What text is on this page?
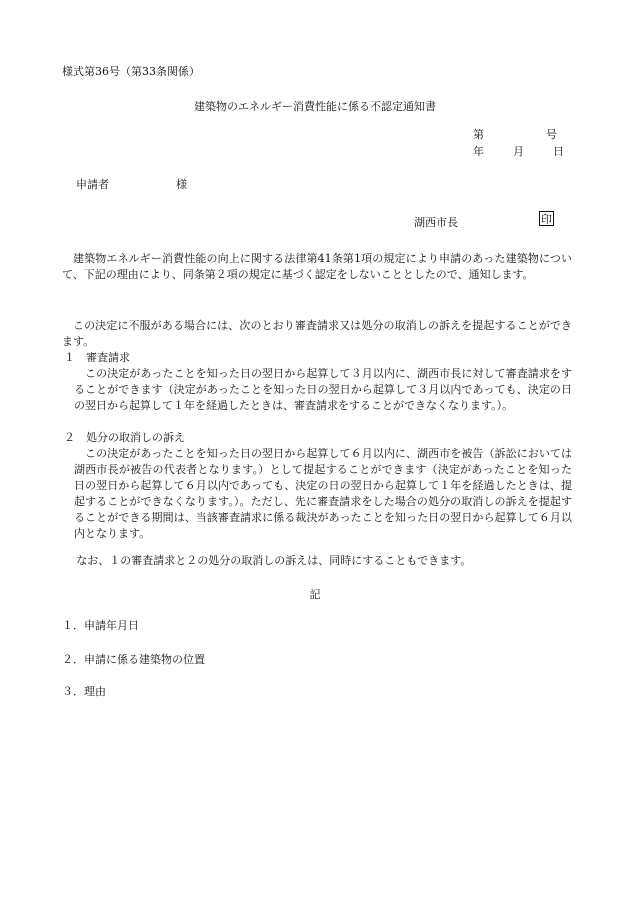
様式第36号（第33条関係）
建築物のエネルギー消費性能に係る不認定通知書
第	号
年	月	日
申請者	様
湖西市長	印
建築物エネルギー消費性能の向上に関する法律第41条第1項の規定により申請のあった建築物について、下記の理由により、同条第２項の規定に基づく認定をしないこととしたので、通知します。
この決定に不服がある場合には、次のとおり審査請求又は処分の取消しの訴えを提起することができます。
１ 審査請求
この決定があったことを知った日の翌日から起算して３月以内に、湖西市長に対して審査請求をすることができます（決定があったことを知った日の翌日から起算して３月以内であっても、決定の日の翌日から起算して１年を経過したときは、審査請求をすることができなくなります。）。
２ 処分の取消しの訴え
この決定があったことを知った日の翌日から起算して６月以内に、湖西市を被告（訴訟においては湖西市長が被告の代表者となります。）として提起することができます（決定があったことを知った日の翌日から起算して６月以内であっても、決定の日の翌日から起算して１年を経過したときは、提起することができなくなります。）。ただし、先に審査請求をした場合の処分の取消しの訴えを提起することができる期間は、当該審査請求に係る裁決があったことを知った日の翌日から起算して６月以内となります。
なお、１の審査請求と２の処分の取消しの訴えは、同時にすることもできます。
記
１．申請年月日
２．申請に係る建築物の位置
３．理由
